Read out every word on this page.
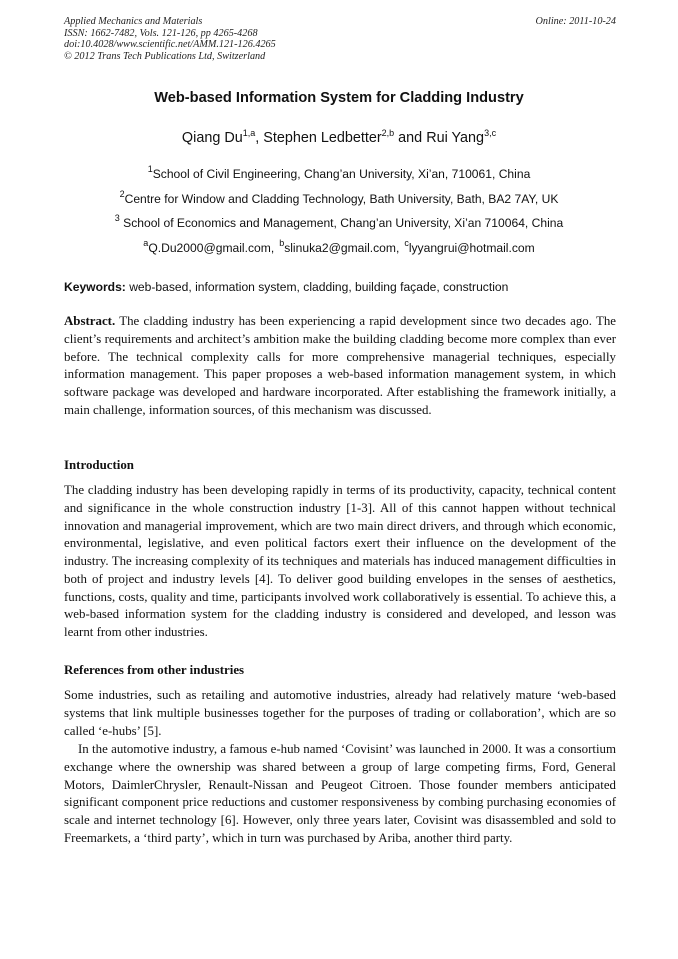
Applied Mechanics and Materials
ISSN: 1662-7482, Vols. 121-126, pp 4265-4268
doi:10.4028/www.scientific.net/AMM.121-126.4265
© 2012 Trans Tech Publications Ltd, Switzerland
Online: 2011-10-24
Web-based Information System for Cladding Industry
Qiang Du$^{1,a}$, Stephen Ledbetter$^{2,b}$ and Rui Yang$^{3,c}$
$^1$School of Civil Engineering, Chang’an University, Xi’an, 710061, China
$^2$Centre for Window and Cladding Technology, Bath University, Bath, BA2 7AY, UK
$^3$ School of Economics and Management, Chang’an University, Xi’an 710064, China
$^a$Q.Du2000@gmail.com, $^b$slinuka2@gmail.com, $^c$lyyangrui@hotmail.com
Keywords: web-based, information system, cladding, building façade, construction
Abstract. The cladding industry has been experiencing a rapid development since two decades ago. The client’s requirements and architect’s ambition make the building cladding become more complex than ever before. The technical complexity calls for more comprehensive managerial techniques, especially information management. This paper proposes a web-based information management system, in which software package was developed and hardware incorporated. After establishing the framework initially, a main challenge, information sources, of this mechanism was discussed.
Introduction
The cladding industry has been developing rapidly in terms of its productivity, capacity, technical content and significance in the whole construction industry [1-3]. All of this cannot happen without technical innovation and managerial improvement, which are two main direct drivers, and through which economic, environmental, legislative, and even political factors exert their influence on the development of the industry. The increasing complexity of its techniques and materials has induced management difficulties in both of project and industry levels [4]. To deliver good building envelopes in the senses of aesthetics, functions, costs, quality and time, participants involved work collaboratively is essential. To achieve this, a web-based information system for the cladding industry is considered and developed, and lesson was learnt from other industries.
References from other industries
Some industries, such as retailing and automotive industries, already had relatively mature ‘web-based systems that link multiple businesses together for the purposes of trading or collaboration’, which are so called ‘e-hubs’ [5].
In the automotive industry, a famous e-hub named ‘Covisint’ was launched in 2000. It was a consortium exchange where the ownership was shared between a group of large competing firms, Ford, General Motors, DaimlerChrysler, Renault-Nissan and Peugeot Citroen. Those founder members anticipated significant component price reductions and customer responsiveness by combing purchasing economies of scale and internet technology [6]. However, only three years later, Covisint was disassembled and sold to Freemarkets, a ‘third party’, which in turn was purchased by Ariba, another third party.
